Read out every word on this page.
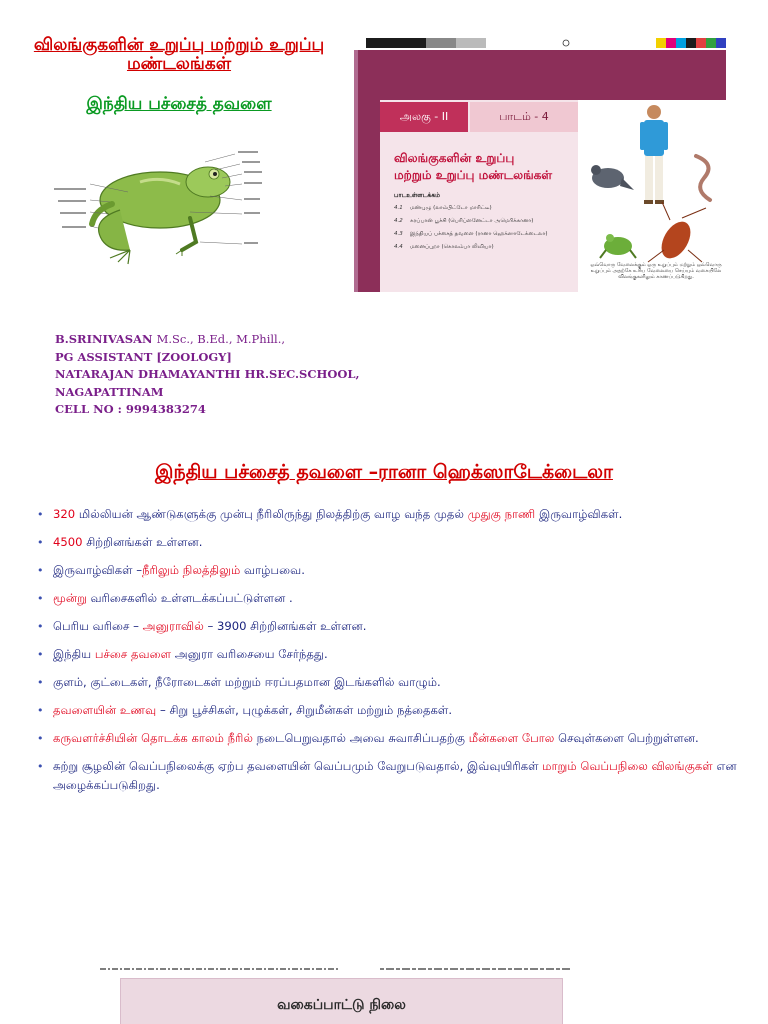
விலங்குகளின் உறுப்பு மற்றும் உறுப்பு மண்டலங்கள்
இந்திய பச்சைத் தவளை
அலகு - II	பாடம் - 4
விலங்குகளின் உறுப்பு
மற்றும் உறுப்பு மண்டலங்கள்
பாடஉள்ளடக்கம்
4.1 மண்புழு (லாம்பிட்டோ மாரிட்டீ)
4.2 கரப்பான் பூச்சி (பெரிப்ளனேட்டா அமெரிக்கானா)
4.3 இந்தியப் பச்சைத் தவளை (ரானா ஹெக்ஸாடேக்டைலா)
4.4 மனைப்புறா (கொலம்பா லிவியா)
ஒவ்வொரு வேலைக்கும் ஒரு உறுப்பும் மற்றும் ஒவ்வொரு உறுப்பும் அதற்கே உரிய வேலையை செய்யும் வகையிலே விலங்குகளிலும் காணப்படுகிறது.
B.SRINIVASAN M.Sc., B.Ed., M.Phill.,
PG ASSISTANT [ZOOLOGY]
NATARAJAN DHAMAYANTHI HR.SEC.SCHOOL,
NAGAPATTINAM
CELL NO : 9994383274
இந்திய பச்சைத் தவளை –ரானா ஹெக்ஸாடேக்டைலா
• 320 மில்லியன் ஆண்டுகளுக்கு முன்பு நீரிலிருந்து நிலத்திற்கு வாழ வந்த முதல் முதுகு நாணி இருவாழ்விகள்.
• 4500 சிற்றினங்கள் உள்ளன.
• இருவாழ்விகள் –நீரிலும் நிலத்திலும் வாழ்பவை.
• மூன்று வரிசைகளில் உள்ளடக்கப்பட்டுள்ளன .
• பெரிய வரிசை – அனுராவில் – 3900 சிற்றினங்கள் உள்ளன.
• இந்திய பச்சை தவளை அனுரா வரிசையை சேர்ந்தது.
• குளம், குட்டைகள், நீரோடைகள் மற்றும் ஈரப்பதமான இடங்களில் வாழும்.
• தவளையின் உணவு – சிறு பூச்சிகள், புழுக்கள், சிறுமீன்கள் மற்றும் நத்தைகள்.
• கருவளர்ச்சியின் தொடக்க காலம் நீரில் நடைபெறுவதால் அவை சுவாசிப்பதற்கு மீன்களை போல செவுள்களை பெற்றுள்ளன.
• சுற்று சூழலின் வெப்பநிலைக்கு ஏற்ப தவளையின் வெப்பமும் வேறுபடுவதால், இவ்வுயிரிகள் மாறும் வெப்பநிலை விலங்குகள் என அழைக்கப்படுகிறது.
வகைப்பாட்டு நிலை
